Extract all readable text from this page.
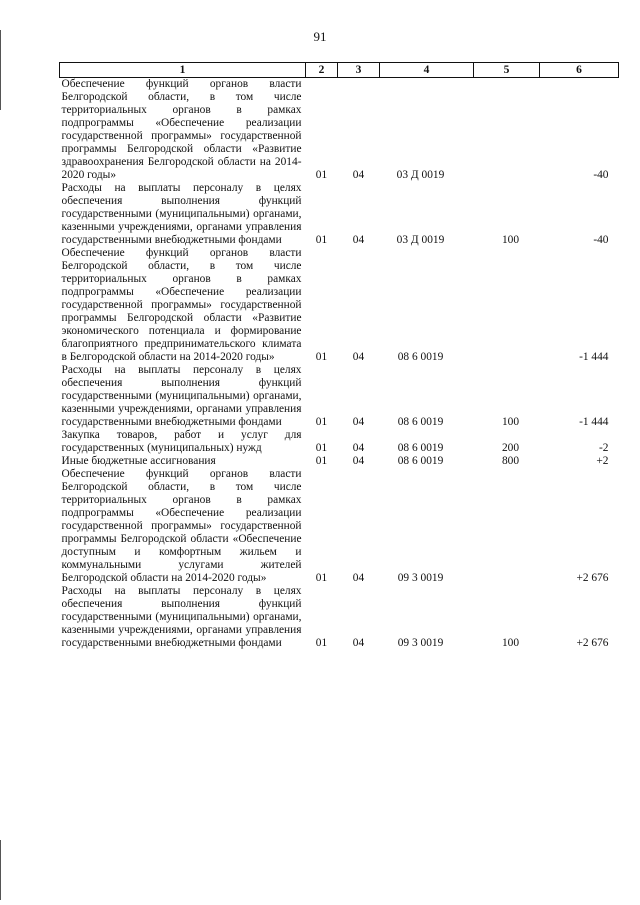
91
1	2	3	4	5	6
Обеспечение функций органов власти Белгородской области, в том числе территориальных органов в рамках подпрограммы «Обеспечение реализации государственной программы» государственной программы Белгородской области «Развитие здравоохранения Белгородской области на 2014-2020 годы»	01	04	03 Д 0019		-40
Расходы на выплаты персоналу в целях обеспечения выполнения функций государственными (муниципальными) органами, казенными учреждениями, органами управления государственными внебюджетными фондами	01	04	03 Д 0019	100	-40
Обеспечение функций органов власти Белгородской области, в том числе территориальных органов в рамках подпрограммы «Обеспечение реализации государственной программы» государственной программы Белгородской области «Развитие экономического потенциала и формирование благоприятного предпринимательского климата в Белгородской области на 2014-2020 годы»	01	04	08 6 0019		-1 444
Расходы на выплаты персоналу в целях обеспечения выполнения функций государственными (муниципальными) органами, казенными учреждениями, органами управления государственными внебюджетными фондами	01	04	08 6 0019	100	-1 444
Закупка товаров, работ и услуг для государственных (муниципальных) нужд	01	04	08 6 0019	200	-2
Иные бюджетные ассигнования	01	04	08 6 0019	800	+2
Обеспечение функций органов власти Белгородской области, в том числе территориальных органов в рамках подпрограммы «Обеспечение реализации государственной программы» государственной программы Белгородской области «Обеспечение доступным и комфортным жильем и коммунальными услугами жителей Белгородской области на 2014-2020 годы»	01	04	09 3 0019		+2 676
Расходы на выплаты персоналу в целях обеспечения выполнения функций государственными (муниципальными) органами, казенными учреждениями, органами управления государственными внебюджетными фондами	01	04	09 3 0019	100	+2 676
